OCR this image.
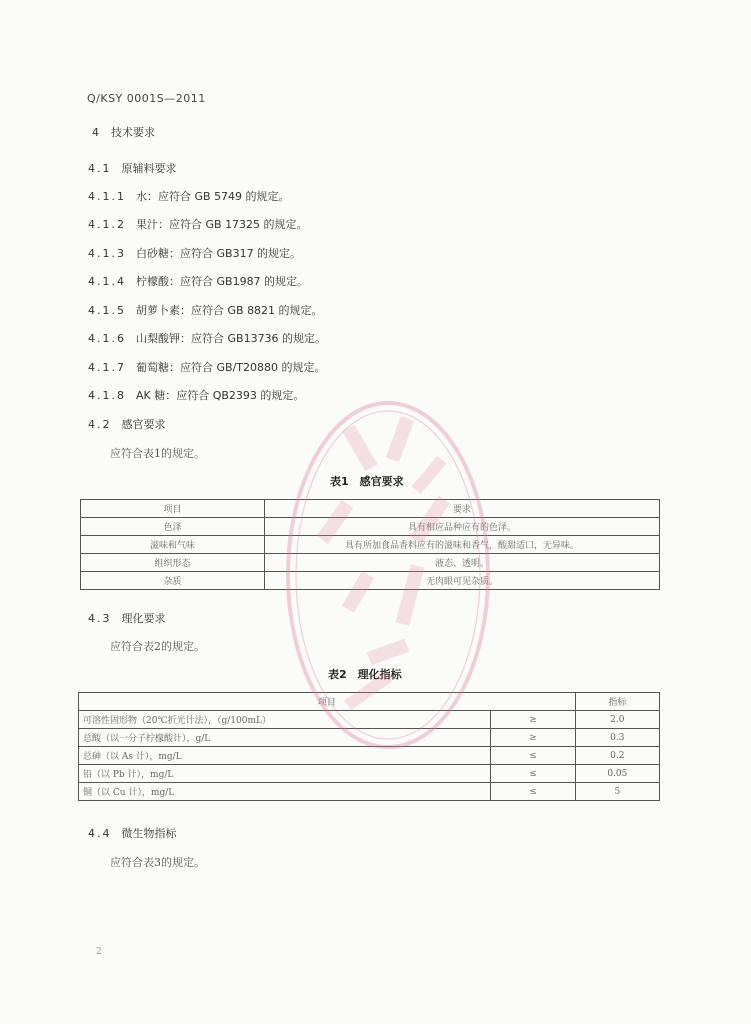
Q/KSY 0001S—2011
4 技术要求
4.1 原辅料要求
4.1.1 水：应符合 GB 5749 的规定。
4.1.2 果汁：应符合 GB 17325 的规定。
4.1.3 白砂糖：应符合 GB317 的规定。
4.1.4 柠檬酸：应符合 GB1987 的规定。
4.1.5 胡萝卜素：应符合 GB 8821 的规定。
4.1.6 山梨酸钾：应符合 GB13736 的规定。
4.1.7 葡萄糖：应符合 GB/T20880 的规定。
4.1.8 AK 糖：应符合 QB2393 的规定。
4.2 感官要求
应符合表1的规定。
表1　感官要求
项目	要求
色泽	具有相应品种应有的色泽。
滋味和气味	具有所加食品香料应有的滋味和香气，酸甜适口，无异味。
组织形态	液态、透明。
杂质	无肉眼可见杂质。
4.3 理化要求
应符合表2的规定。
表2　理化指标
项目		指标
可溶性固形物（20℃折光计法），（g/100mL）	≥	2.0
总酸（以一分子柠檬酸计），g/L	≥	0.3
总砷（以 As 计），mg/L	≤	0.2
铅（以 Pb 计），mg/L	≤	0.05
铜（以 Cu 计），mg/L	≤	5
4.4 微生物指标
应符合表3的规定。
2
